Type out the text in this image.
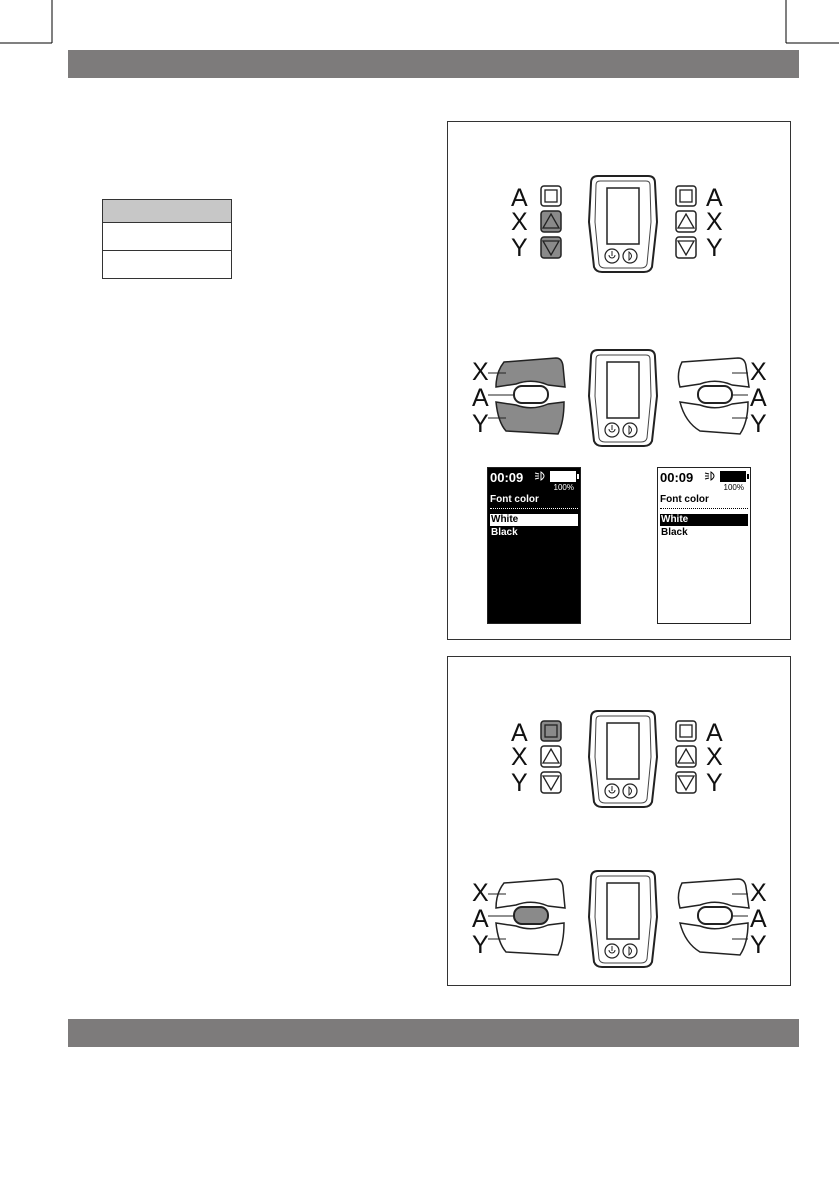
A
X
Y
A
X
Y
X
A
Y
X
A
Y
00:09
100%
Font color
White
Black
00:09
100%
Font color
White
Black
A
X
Y
A
X
Y
X
A
Y
X
A
Y
